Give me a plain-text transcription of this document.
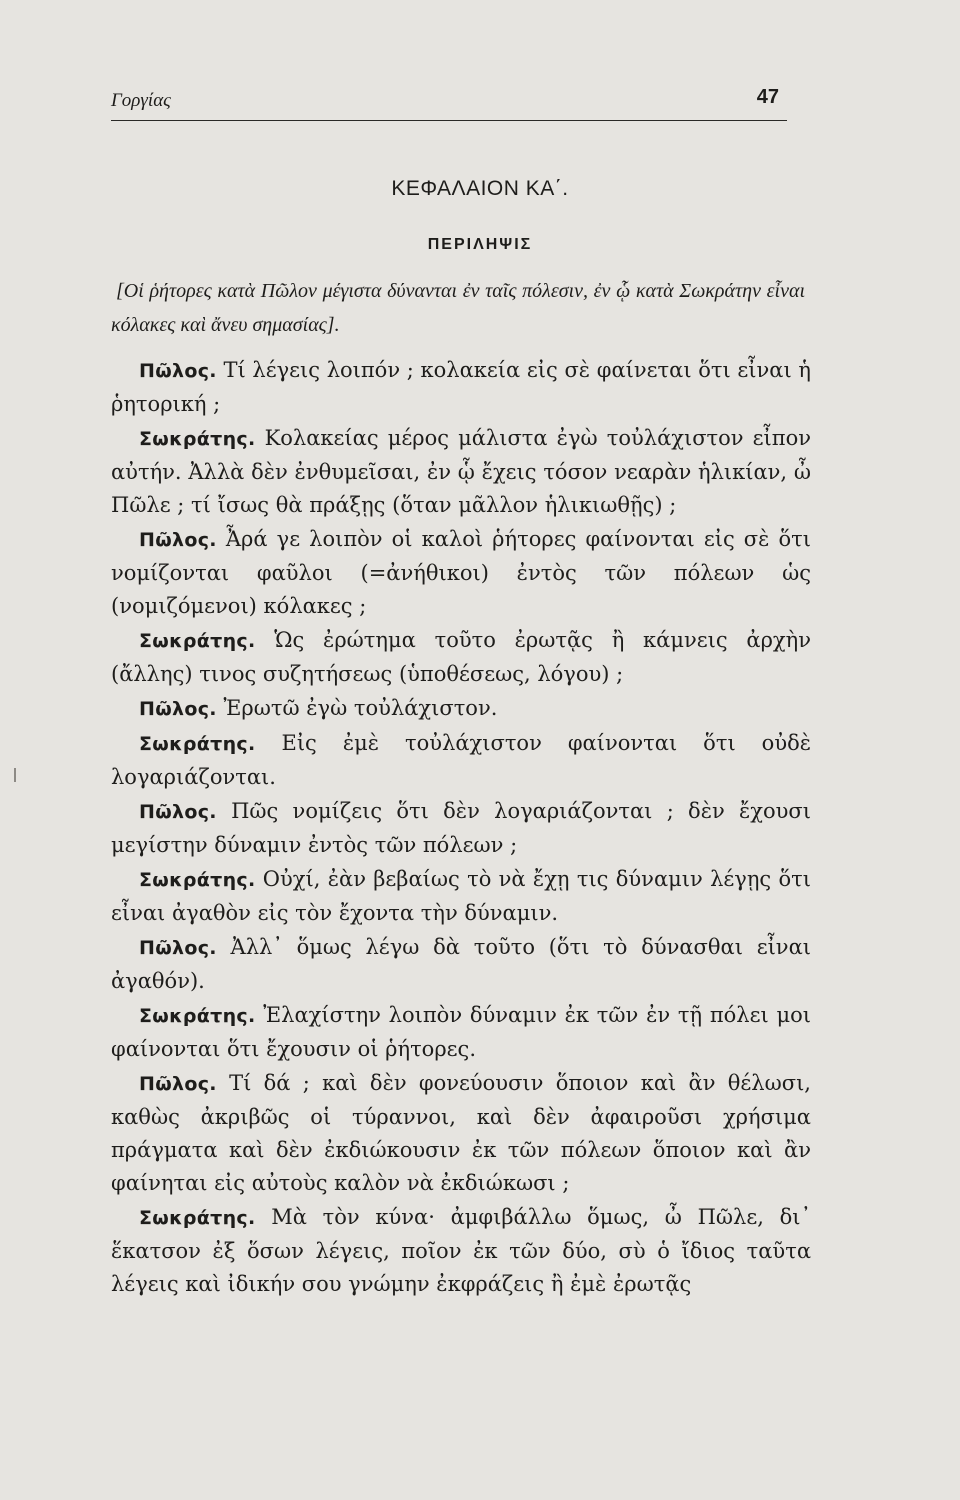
Γοργίας	47
ΚΕΦΑΛΑΙΟΝ ΚΑ΄.
ΠΕΡΙΛΗΨΙΣ
[Οἱ ῥήτορες κατὰ Πῶλον μέγιστα δύνανται ἐν ταῖς πόλεσιν, ἐν ᾧ κατὰ Σωκράτην εἶναι κόλακες καὶ ἄνευ σημασίας].

Πῶλος. Τί λέγεις λοιπόν ; κολακεία εἰς σὲ φαίνεται ὅτι εἶναι ἡ ῥητορική ;

Σωκράτης. Κολακείας μέρος μάλιστα ἐγὼ τοὐλάχιστον εἶπον αὐτήν. Ἀλλὰ δὲν ἐνθυμεῖσαι, ἐν ᾧ ἔχεις τόσον νεαρὰν ἡλικίαν, ὦ Πῶλε ; τί ἴσως θὰ πράξῃς (ὅταν μᾶλλον ἡλικιωθῇς) ;

Πῶλος. Ἆρά γε λοιπὸν οἱ καλοὶ ῥήτορες φαίνονται εἰς σὲ ὅτι νομίζονται φαῦλοι (=ἀνήθικοι) ἐντὸς τῶν πόλεων ὡς (νομιζόμενοι) κόλακες ;

Σωκράτης. Ὡς ἐρώτημα τοῦτο ἐρωτᾷς ἢ κάμνεις ἀρχὴν (ἄλλης) τινος συζητήσεως (ὑποθέσεως, λόγου) ;

Πῶλος. Ἐρωτῶ ἐγὼ τοὐλάχιστον.

Σωκράτης. Εἰς ἐμὲ τοὐλάχιστον φαίνονται ὅτι οὐδὲ λογαριάζονται.

Πῶλος. Πῶς νομίζεις ὅτι δὲν λογαριάζονται ; δὲν ἔχουσι μεγίστην δύναμιν ἐντὸς τῶν πόλεων ;

Σωκράτης. Οὐχί, ἐὰν βεβαίως τὸ νὰ ἔχῃ τις δύναμιν λέγῃς ὅτι εἶναι ἀγαθὸν εἰς τὸν ἔχοντα τὴν δύναμιν.

Πῶλος. Ἀλλ᾽ ὅμως λέγω δὰ τοῦτο (ὅτι τὸ δύνασθαι εἶναι ἀγαθόν).

Σωκράτης. Ἐλαχίστην λοιπὸν δύναμιν ἐκ τῶν ἐν τῇ πόλει μοι φαίνονται ὅτι ἔχουσιν οἱ ῥήτορες.

Πῶλος. Τί δά ; καὶ δὲν φονεύουσιν ὅποιον καὶ ἂν θέλωσι, καθὼς ἀκριβῶς οἱ τύραννοι, καὶ δὲν ἀφαιροῦσι χρήσιμα πράγματα καὶ δὲν ἐκδιώκουσιν ἐκ τῶν πόλεων ὅποιον καὶ ἂν φαίνηται εἰς αὐτοὺς καλὸν νὰ ἐκδιώκωσι ;

Σωκράτης. Μὰ τὸν κύνα· ἀμφιβάλλω ὅμως, ὦ Πῶλε, δι᾽ ἕκατσον ἐξ ὅσων λέγεις, ποῖον ἐκ τῶν δύο, σὺ ὁ ἴδιος ταῦτα λέγεις καὶ ἰδικήν σου γνώμην ἐκφράζεις ἢ ἐμὲ ἐρωτᾷς
